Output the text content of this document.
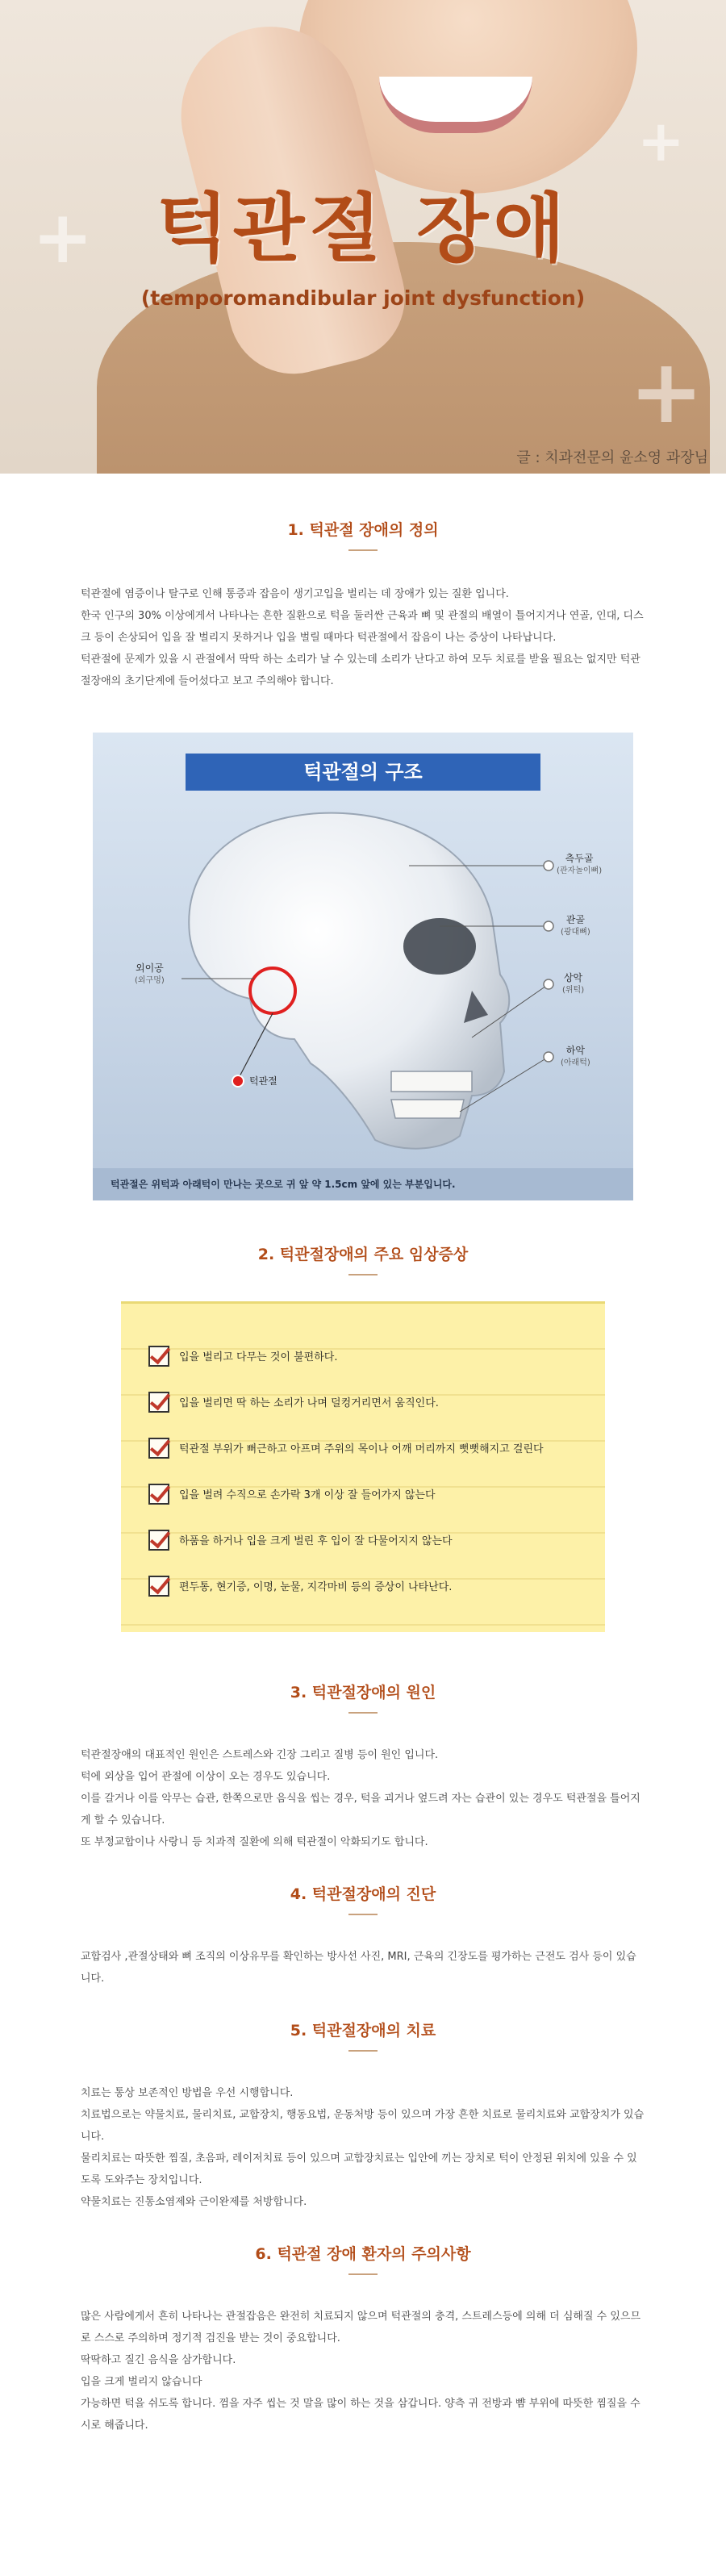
+
+
+
턱관절 장애
(temporomandibular joint dysfunction)
글 : 치과전문의 윤소영 과장님
1. 턱관절 장애의 정의

턱관절에 염증이나 탈구로 인해 통증과 잡음이 생기고입을 벌리는 데 장애가 있는 질환 입니다.

한국 인구의 30% 이상에게서 나타나는 흔한 질환으로 턱을 둘러싼 근육과 뼈 및 관절의 배열이 틀어지거나 연골, 인대, 디스크 등이 손상되어 입을 잘 벌리지 못하거나 입을 벌릴 때마다 턱관절에서 잡음이 나는 증상이 나타납니다.

턱관절에 문제가 있을 시 관절에서 딱딱 하는 소리가 날 수 있는데 소리가 난다고 하여 모두 치료를 받을 필요는 없지만 턱관절장애의 초기단계에 들어섰다고 보고 주의해야 합니다.

턱관절의 구조
측두골
(관자놀이뼈)
관골
(광대뼈)
상악
(위턱)
하악
(아래턱)
외이공
(외구멍)
턱관절
턱관절은 위턱과 아래턱이 만나는 곳으로 귀 앞 약 1.5cm 앞에 있는 부분입니다.
2. 턱관절장애의 주요 임상증상
입을 벌리고 다무는 것이 불편하다.
입을 벌리면 딱 하는 소리가 나며 덜컹거리면서 움직인다.
턱관절 부위가 뻐근하고 아프며 주위의 목이나 어깨 머리까지 뻣뻣해지고 걸린다
입을 벌려 수직으로 손가락 3개 이상 잘 들어가지 않는다
하품을 하거나 입을 크게 벌린 후 입이 잘 다물어지지 않는다
편두통, 현기증, 이명, 눈물, 지각마비 등의 증상이 나타난다.
3. 턱관절장애의 원인

턱관절장애의 대표적인 원인은 스트레스와 긴장 그리고 질병 등이 원인 입니다.

턱에 외상을 입어 관절에 이상이 오는 경우도 있습니다.

이를 갈거나 이를 악무는 습관, 한쪽으로만 음식을 씹는 경우, 턱을 괴거나 엎드려 자는 습관이 있는 경우도 턱관절을 틀어지게 할 수 있습니다.

또 부정교합이나 사랑니 등 치과적 질환에 의해 턱관절이 악화되기도 합니다.

4. 턱관절장애의 진단

교합검사 ,관절상태와 뼈 조직의 이상유무를 확인하는 방사선 사진, MRI, 근육의 긴장도를 평가하는 근전도 검사 등이 있습니다.

5. 턱관절장애의 치료

치료는 통상 보존적인 방법을 우선 시행합니다.

치료법으로는 약물치료, 물리치료, 교합장치, 행동요법, 운동처방 등이 있으며 가장 흔한 치료로 물리치료와 교합장치가 있습니다.

물리치료는 따뜻한 찜질, 초음파, 레이저치료 등이 있으며 교합장치료는 입안에 끼는 장치로 턱이 안정된 위치에 있을 수 있도록 도와주는 장치입니다.

약물치료는 진통소염제와 근이완제를 처방합니다.

6. 턱관절 장애 환자의 주의사항

많은 사람에게서 흔히 나타나는 관절잡음은 완전히 치료되지 않으며 턱관절의 충격, 스트레스등에 의해 더 심해질 수 있으므로 스스로 주의하며 정기적 검진을 받는 것이 중요합니다.

딱딱하고 질긴 음식을 삼가합니다.

입을 크게 벌리지 않습니다

가능하면 턱을 쉬도록 합니다. 껌을 자주 씹는 것 말을 많이 하는 것을 삼갑니다. 양측 귀 전방과 뺨 부위에 따뜻한 찜질을 수시로 해줍니다.
